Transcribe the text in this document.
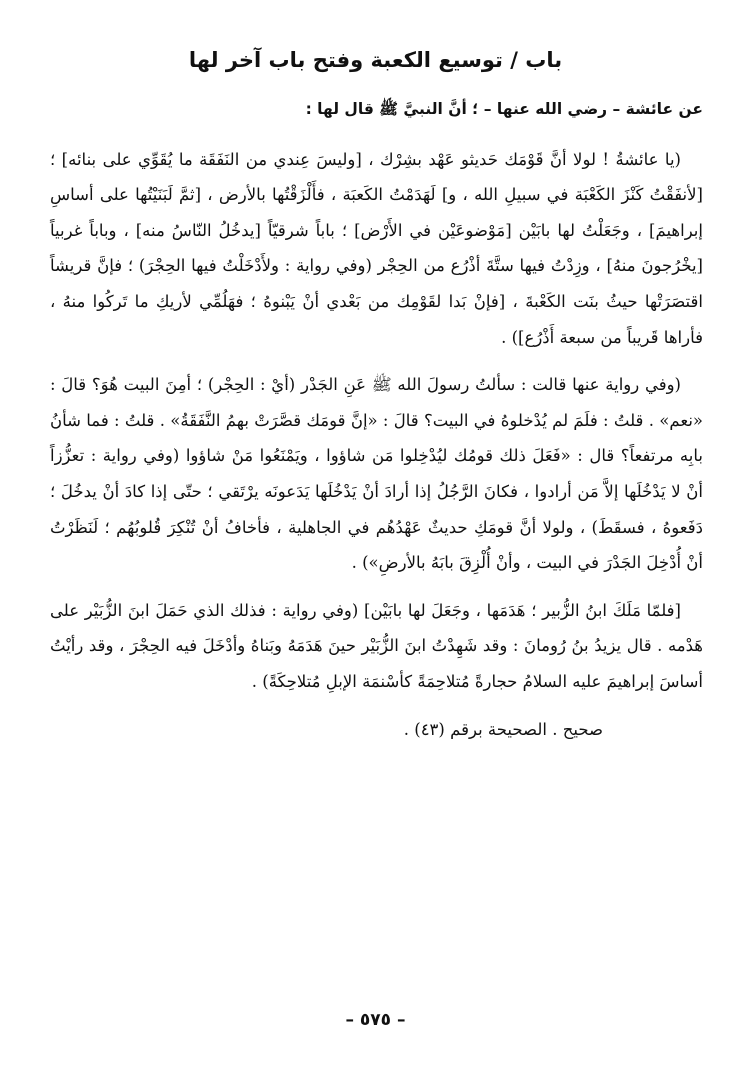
باب / توسيع الكعبة وفتح باب آخر لها

عن عائشة – رضي الله عنها – ؛ أنَّ النبيَّ ﷺ قال لها :

(يا عائشةُ ! لولا أنَّ قَوْمَك حَديثو عَهْد بشِرْك ، [وليسَ عِندي من النَفَقَة ما يُقَوِّي على بنائه] ؛ [لأنفَقْتُ كَنْزَ الكَعْبَة في سبيلِ الله ، و] لَهَدَمْتُ الكَعبَة ، فأَلْزَقْتُها بالأرض ، [ثمَّ لَبَنَيْتُها على أساسِ إبراهيمَ] ، وجَعَلْتُ لها بابَيْن [مَوْضوعَيْن في الأَرْض] ؛ باباً شرقيّاً [يدخُلُ النّاسُ منه] ، وباباً غربياً [يخْرُجونَ منهُ] ، وزِدْتُ فيها ستَّةَ أذْرُع من الحِجْر (وفي رواية : ولأَدْخَلْتُ فيها الحِجْرَ) ؛ فإنَّ قريشاً اقتصَرَتْها حيثُ بنَت الكَعْبةَ ، [فإنْ بَدا لقَوْمِك من بَعْدي أنْ يَبْنوهُ ؛ فهَلُمِّي لأريكِ ما تَركُوا منهُ ، فأراها قَريباً من سبعة أَذْرُع]) .

(وفي رواية عنها قالت : سألتُ رسولَ الله ﷺ عَنِ الجَدْر (أيْ : الحِجْر) ؛ أمِنَ البيت هُوَ؟ قالَ : «نعم» . قلتُ : فلَمَ لم يُدْخلوهُ في البيت؟ قالَ : «إنَّ قومَك قصَّرَتْ بهمُ النَّفَقَةُ» . قلتُ : فما شأنُ بابِه مرتفعاً؟ قال : «فَعَلَ ذلك قومُك ليُدْخِلوا مَن شاؤوا ، ويَمْنَعُوا مَنْ شاؤوا (وفي رواية : تعزُّزاً أنْ لا يَدْخُلَها إلاَّ مَن أرادوا ، فكانَ الرَّجُلُ إذا أرادَ أنْ يَدْخُلَها يَدَعونَه يرْتَقي ؛ حتّى إذا كادَ أنْ يدخُلَ ؛ دَفَعوهُ ، فسقَطَ) ، ولولا أنَّ قومَكِ حديثٌ عَهْدُهُم في الجاهلية ، فأخافُ أنْ تُنْكِرَ قُلوبُهُم ؛ لَنَظَرْتُ أنْ أُدْخِلَ الجَدْرَ في البيت ، وأنْ أُلْزِقَ بابَهُ بالأرضِ») .

[فلمّا مَلَكَ ابنُ الزُّبير ؛ هَدَمَها ، وجَعَلَ لها بابَيْن] (وفي رواية : فذلك الذي حَمَلَ ابنَ الزُّبَيْر على هَدْمه . قال يزيدُ بنُ رُومانَ : وقد شَهِدْتُ ابنَ الزُّبَيْر حينَ هَدَمَهُ وبَناهُ وأدْخَلَ فيه الحِجْرَ ، وقد رأيْتُ أساسَ إبراهيمَ عليه السلامُ حجارةً مُتلاحِمَةً كأسْنمَة الإبلِ مُتلاحِكَةً) .

صحيح . الصحيحة برقم (٤٣) .

– ٥٧٥ –
